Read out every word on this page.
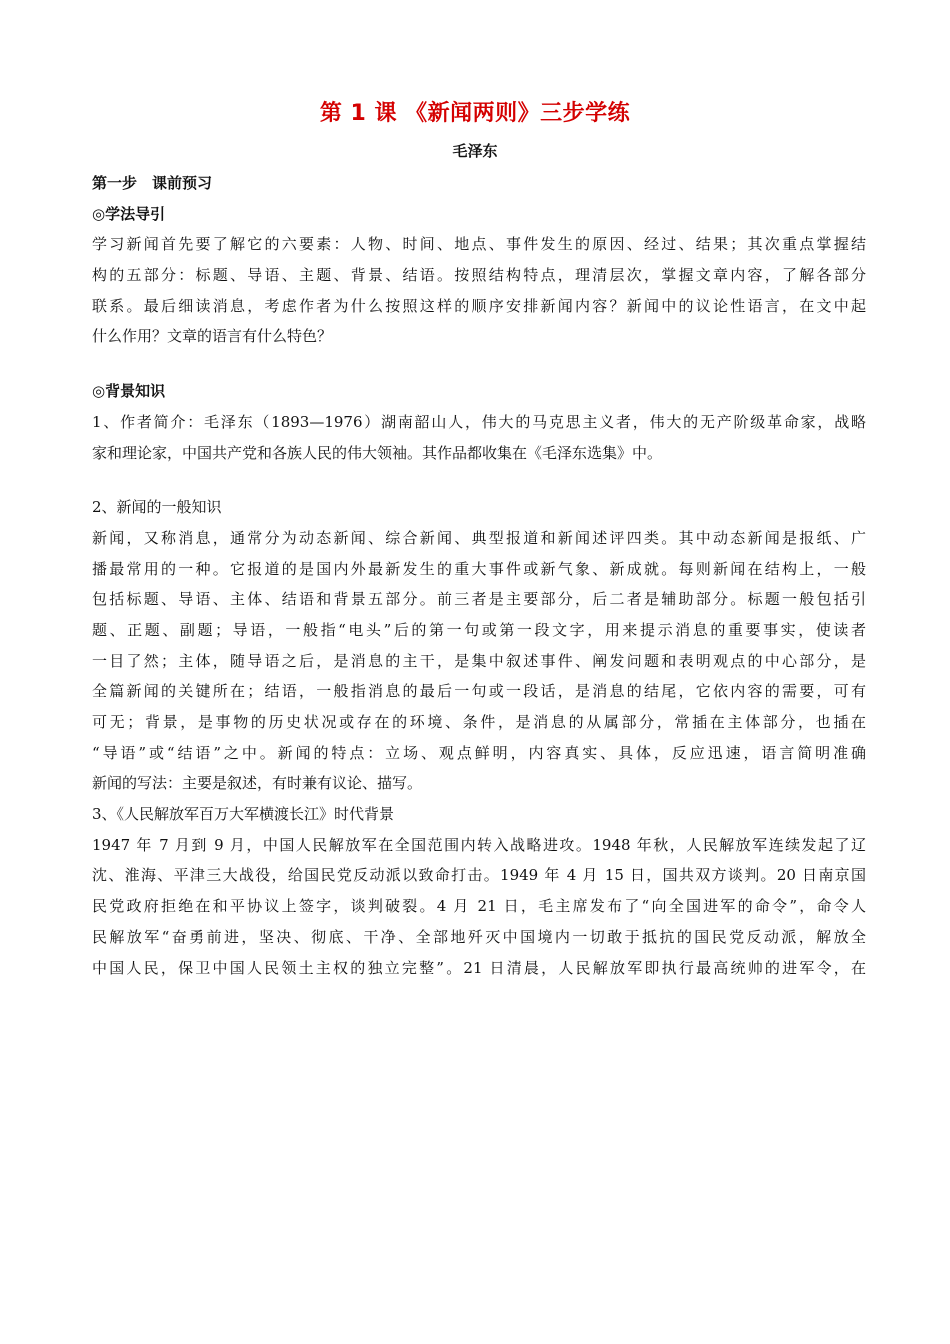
第 1 课 《新闻两则》三步学练
毛泽东
第一步　课前预习
◎学法导引
学习新闻首先要了解它的六要素：人物、时间、地点、事件发生的原因、经过、结果；其次重点掌握结
构的五部分：标题、导语、主题、背景、结语。按照结构特点，理清层次，掌握文章内容，了解各部分
联系。最后细读消息，考虑作者为什么按照这样的顺序安排新闻内容？新闻中的议论性语言，在文中起
什么作用？文章的语言有什么特色？
◎背景知识
1、作者简介：毛泽东（1893—1976）湖南韶山人，伟大的马克思主义者，伟大的无产阶级革命家，战略
家和理论家，中国共产党和各族人民的伟大领袖。其作品都收集在《毛泽东选集》中。
2、新闻的一般知识
新闻，又称消息，通常分为动态新闻、综合新闻、典型报道和新闻述评四类。其中动态新闻是报纸、广
播最常用的一种。它报道的是国内外最新发生的重大事件或新气象、新成就。每则新闻在结构上，一般
包括标题、导语、主体、结语和背景五部分。前三者是主要部分，后二者是辅助部分。标题一般包括引
题、正题、副题；导语，一般指“电头”后的第一句或第一段文字，用来提示消息的重要事实，使读者
一目了然；主体，随导语之后，是消息的主干，是集中叙述事件、阐发问题和表明观点的中心部分，是
全篇新闻的关键所在；结语，一般指消息的最后一句或一段话，是消息的结尾，它依内容的需要，可有
可无；背景，是事物的历史状况或存在的环境、条件，是消息的从属部分，常插在主体部分，也插在
“导语”或“结语”之中。新闻的特点：立场、观点鲜明，内容真实、具体，反应迅速，语言简明准确
新闻的写法：主要是叙述，有时兼有议论、描写。
3、《人民解放军百万大军横渡长江》时代背景
1947 年 7 月到 9 月，中国人民解放军在全国范围内转入战略进攻。1948 年秋，人民解放军连续发起了辽
沈、淮海、平津三大战役，给国民党反动派以致命打击。1949 年 4 月 15 日，国共双方谈判。20 日南京国
民党政府拒绝在和平协议上签字，谈判破裂。4 月 21 日，毛主席发布了“向全国进军的命令”，命令人
民解放军“奋勇前进，坚决、彻底、干净、全部地歼灭中国境内一切敢于抵抗的国民党反动派，解放全
中国人民，保卫中国人民领土主权的独立完整”。21 日清晨，人民解放军即执行最高统帅的进军令，在
